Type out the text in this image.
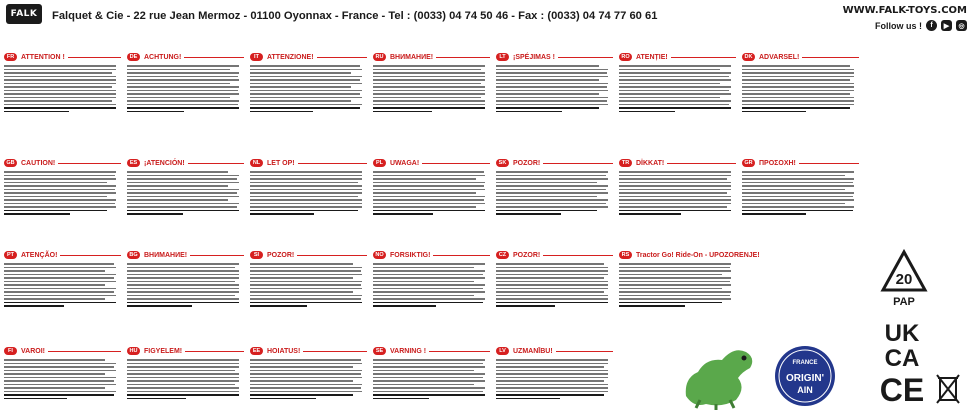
FALK	Falquet & Cie - 22 rue Jean Mermoz - 01100 Oyonnax - France - Tel : (0033) 04 74 50 46 - Fax : (0033) 04 74 77 60 61	WWW.FALK-TOYS.COM
Follow us !	f	▶	◎
FR ATTENTION !	DE ACHTUNG!	IT	ATTENZIONE!	RU ВНИМАНИЕ!	LT	¡SPÉJIMAS !	RO ATENȚIE!	DK ADVARSEL!
GB CAUTION!	ES ¡ATENCIÓN!	NL LET OP!	PL UWAGA!	SK POZOR!	TR DİKKAT!	GR ΠΡΟΣΟΧΗ!
PT ATENÇÃO!	BG ВНИМАНИЕ!	SI	POZOR!	NO FORSIKTIG!	CZ POZOR!	RS Tractor Go! Ride-On - UPOZORENJE!
FI	VAROI!	HU FIGYELEM!	EE HOIATUS!	SE VARNING !	LV	UZMANĪBU!
20
PAP
UK
CA
CE
FRANCE
ORIGIN'
AIN
